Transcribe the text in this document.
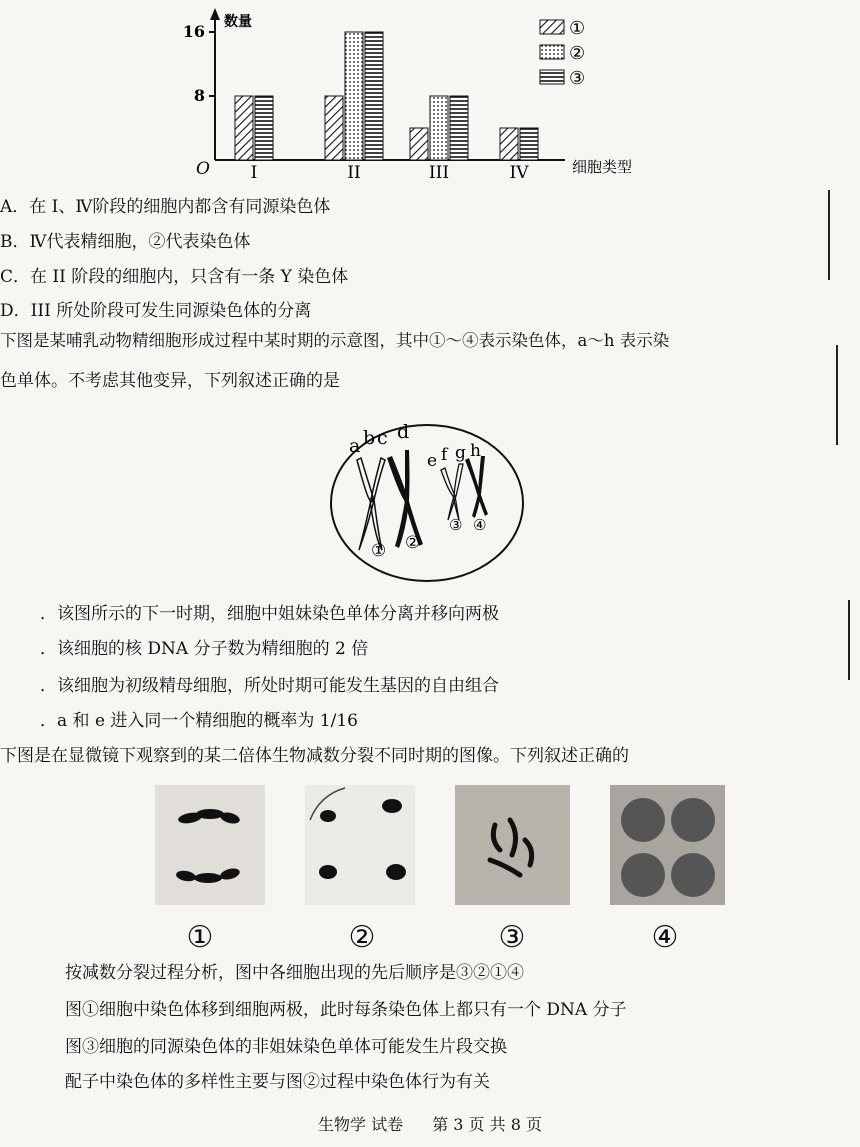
数量
细胞类型
O
8
16
I	II	III	IV
①
②
③
A．在 I、Ⅳ阶段的细胞内都含有同源染色体
B．Ⅳ代表精细胞，②代表染色体
C．在 II 阶段的细胞内，只含有一条 Y 染色体
D．III 所处阶段可发生同源染色体的分离
下图是某哺乳动物精细胞形成过程中某时期的示意图，其中①～④表示染色体，a～h 表示染
色单体。不考虑其他变异，下列叙述正确的是
a b c d
e f g h
① ②
③ ④
．该图所示的下一时期，细胞中姐妹染色单体分离并移向两极
．该细胞的核 DNA 分子数为精细胞的 2 倍
．该细胞为初级精母细胞，所处时期可能发生基因的自由组合
．a 和 e 进入同一个精细胞的概率为 1/16
下图是在显微镜下观察到的某二倍体生物减数分裂不同时期的图像。下列叙述正确的
①	②	③	④
按减数分裂过程分析，图中各细胞出现的先后顺序是③②①④
图①细胞中染色体移到细胞两极，此时每条染色体上都只有一个 DNA 分子
图③细胞的同源染色体的非姐妹染色单体可能发生片段交换
配子中染色体的多样性主要与图②过程中染色体行为有关
生物学 试卷 第 3 页 共 8 页
